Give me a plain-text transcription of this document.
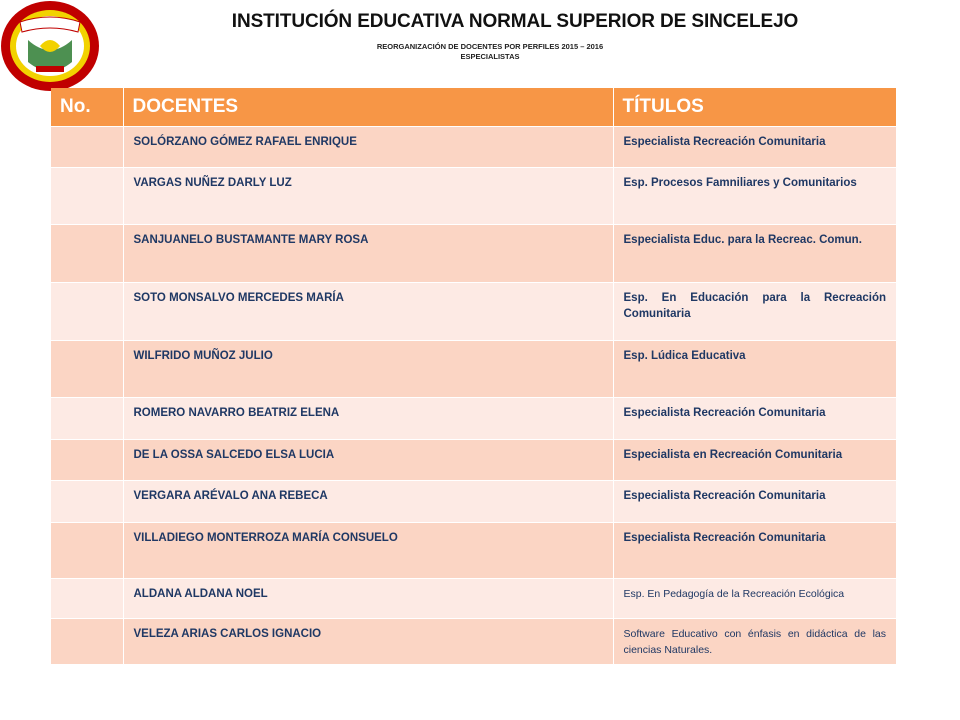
INSTITUCIÓN EDUCATIVA NORMAL SUPERIOR DE SINCELEJO
REORGANIZACIÓN DE DOCENTES POR PERFILES 2015 – 2016
ESPECIALISTAS
No.	DOCENTES	TÍTULOS
	SOLÓRZANO GÓMEZ RAFAEL ENRIQUE	Especialista Recreación Comunitaria
	VARGAS NUÑEZ DARLY LUZ	Esp. Procesos Famniliares y Comunitarios
	SANJUANELO BUSTAMANTE MARY ROSA	Especialista Educ. para la Recreac. Comun.
	SOTO MONSALVO MERCEDES MARÍA	Esp. En Educación para la Recreación Comunitaria
	WILFRIDO MUÑOZ JULIO	Esp. Lúdica Educativa
	ROMERO NAVARRO BEATRIZ ELENA	Especialista Recreación Comunitaria
	DE LA OSSA SALCEDO ELSA LUCIA	Especialista en Recreación Comunitaria
	VERGARA ARÉVALO ANA REBECA	Especialista Recreación Comunitaria
	VILLADIEGO MONTERROZA MARÍA CONSUELO	Especialista Recreación Comunitaria
	ALDANA ALDANA NOEL	Esp. En Pedagogía de la Recreación Ecológica
	VELEZA ARIAS CARLOS IGNACIO	Software Educativo con énfasis en didáctica de las ciencias Naturales.
